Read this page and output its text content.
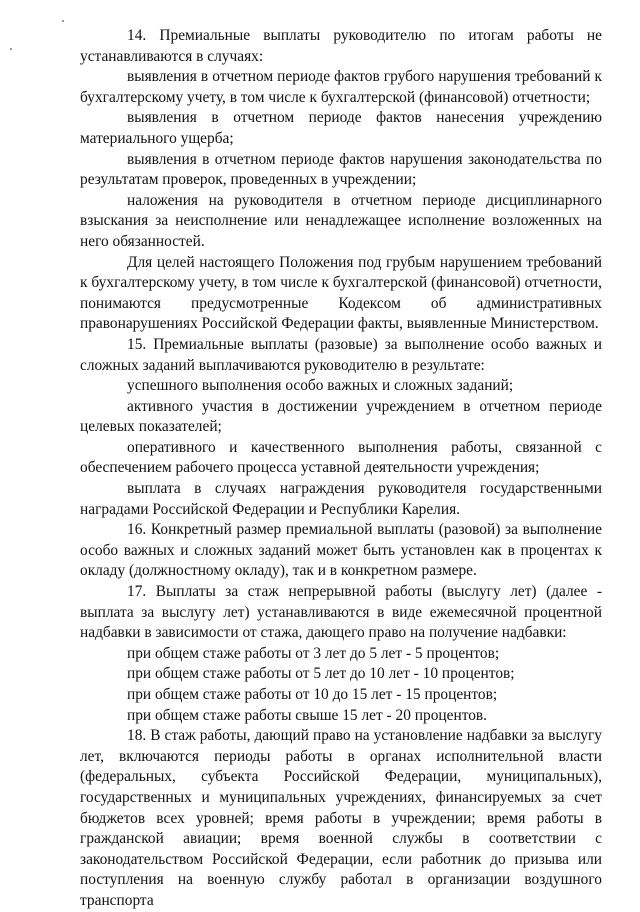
14. Премиальные выплаты руководителю по итогам работы не устанавливаются в случаях:

выявления в отчетном периоде фактов грубого нарушения требований к бухгалтерскому учету, в том числе к бухгалтерской (финансовой) отчетности;

выявления в отчетном периоде фактов нанесения учреждению материального ущерба;

выявления в отчетном периоде фактов нарушения законодательства по результатам проверок, проведенных в учреждении;

наложения на руководителя в отчетном периоде дисциплинарного взыскания за неисполнение или ненадлежащее исполнение возложенных на него обязанностей.

Для целей настоящего Положения под грубым нарушением требований к бухгалтерскому учету, в том числе к бухгалтерской (финансовой) отчетности, понимаются предусмотренные Кодексом об административных правонарушениях Российской Федерации факты, выявленные Министерством.

15. Премиальные выплаты (разовые) за выполнение особо важных и сложных заданий выплачиваются руководителю в результате:

успешного выполнения особо важных и сложных заданий;

активного участия в достижении учреждением в отчетном периоде целевых показателей;

оперативного и качественного выполнения работы, связанной с обеспечением рабочего процесса уставной деятельности учреждения;

выплата в случаях награждения руководителя государственными наградами Российской Федерации и Республики Карелия.

16. Конкретный размер премиальной выплаты (разовой) за выполнение особо важных и сложных заданий может быть установлен как в процентах к окладу (должностному окладу), так и в конкретном размере.

17. Выплаты за стаж непрерывной работы (выслугу лет) (далее - выплата за выслугу лет) устанавливаются в виде ежемесячной процентной надбавки в зависимости от стажа, дающего право на получение надбавки:

при общем стаже работы от 3 лет до 5 лет - 5 процентов;

при общем стаже работы от 5 лет до 10 лет - 10 процентов;

при общем стаже работы от 10 до 15 лет - 15 процентов;

при общем стаже работы свыше 15 лет - 20 процентов.

18. В стаж работы, дающий право на установление надбавки за выслугу лет, включаются периоды работы в органах исполнительной власти (федеральных, субъекта Российской Федерации, муниципальных), государственных и муниципальных учреждениях, финансируемых за счет бюджетов всех уровней; время работы в учреждении; время работы в гражданской авиации; время военной службы в соответствии с законодательством Российской Федерации, если работник до призыва или поступления на военную службу работал в организации воздушного транспорта
